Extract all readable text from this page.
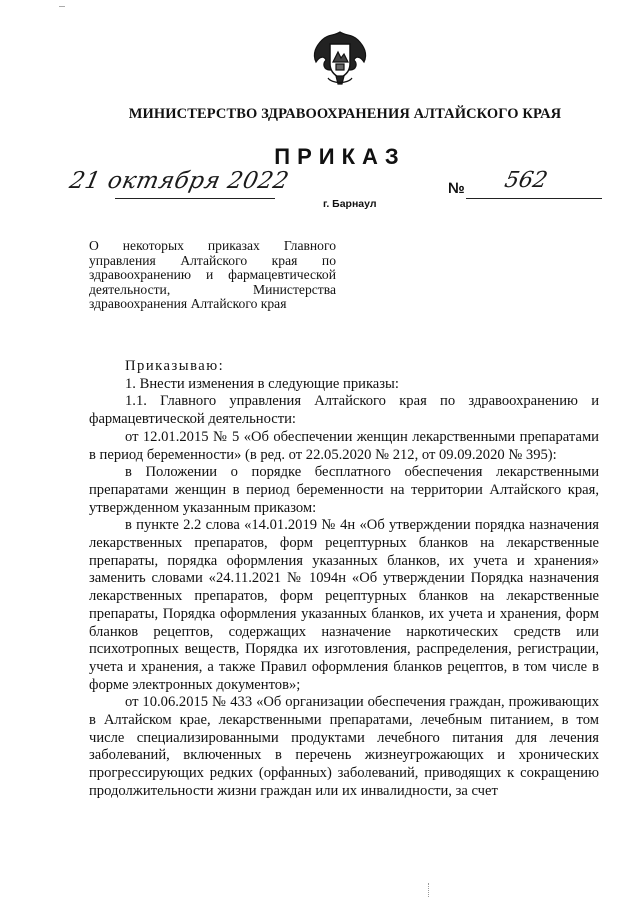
МИНИСТЕРСТВО ЗДРАВООХРАНЕНИЯ АЛТАЙСКОГО КРАЯ
ПРИКАЗ
21 октября 2022	№ 562
г. Барнаул
О некоторых приказах Главного управления Алтайского края по здравоохранению и фармацевтической деятельности, Министерства здравоохранения Алтайского края

Приказываю:

1. Внести изменения в следующие приказы:

1.1. Главного управления Алтайского края по здравоохранению и фармацевтической деятельности:

от 12.01.2015 № 5 «Об обеспечении женщин лекарственными препаратами в период беременности» (в ред. от 22.05.2020 № 212, от 09.09.2020 № 395):

в Положении о порядке бесплатного обеспечения лекарственными препаратами женщин в период беременности на территории Алтайского края, утвержденном указанным приказом:

в пункте 2.2 слова «14.01.2019 № 4н «Об утверждении порядка назначения лекарственных препаратов, форм рецептурных бланков на лекарственные препараты, порядка оформления указанных бланков, их учета и хранения» заменить словами «24.11.2021 № 1094н «Об утверждении Порядка назначения лекарственных препаратов, форм рецептурных бланков на лекарственные препараты, Порядка оформления указанных бланков, их учета и хранения, форм бланков рецептов, содержащих назначение наркотических средств или психотропных веществ, Порядка их изготовления, распределения, регистрации, учета и хранения, а также Правил оформления бланков рецептов, в том числе в форме электронных документов»;

от 10.06.2015 № 433 «Об организации обеспечения граждан, проживающих в Алтайском крае, лекарственными препаратами, лечебным питанием, в том числе специализированными продуктами лечебного питания для лечения заболеваний, включенных в перечень жизнеугрожающих и хронических прогрессирующих редких (орфанных) заболеваний, приводящих к сокращению продолжительности жизни граждан или их инвалидности, за счет
